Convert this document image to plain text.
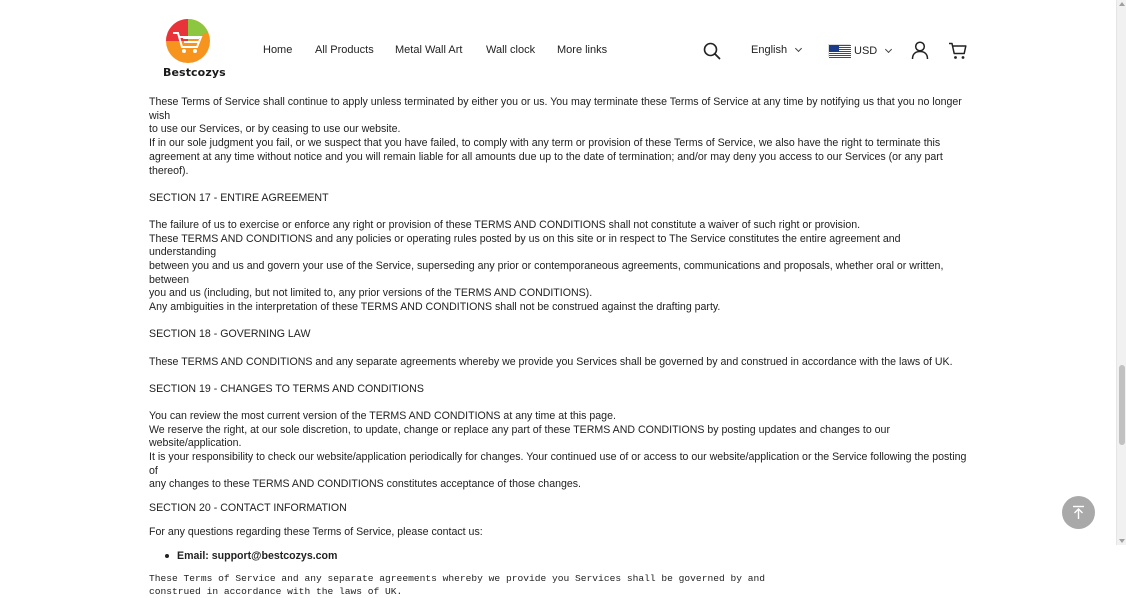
These Terms of Service shall continue to apply unless terminated by either you or us. You may terminate these Terms of Service at any time by notifying us that you no longer wish

to use our Services, or by ceasing to use our website.

If in our sole judgment you fail, or we suspect that you have failed, to comply with any term or provision of these Terms of Service, we also have the right to terminate this

agreement at any time without notice and you will remain liable for all amounts due up to the date of termination; and/or may deny you access to our Services (or any part thereof).

SECTION 17 - ENTIRE AGREEMENT

The failure of us to exercise or enforce any right or provision of these TERMS AND CONDITIONS shall not constitute a waiver of such right or provision.

These TERMS AND CONDITIONS and any policies or operating rules posted by us on this site or in respect to The Service constitutes the entire agreement and understanding

between you and us and govern your use of the Service, superseding any prior or contemporaneous agreements, communications and proposals, whether oral or written, between

you and us (including, but not limited to, any prior versions of the TERMS AND CONDITIONS).

Any ambiguities in the interpretation of these TERMS AND CONDITIONS shall not be construed against the drafting party.

SECTION 18 - GOVERNING LAW

These TERMS AND CONDITIONS and any separate agreements whereby we provide you Services shall be governed by and construed in accordance with the laws of UK.

SECTION 19 - CHANGES TO TERMS AND CONDITIONS

You can review the most current version of the TERMS AND CONDITIONS at any time at this page.

We reserve the right, at our sole discretion, to update, change or replace any part of these TERMS AND CONDITIONS by posting updates and changes to our website/application.

It is your responsibility to check our website/application periodically for changes. Your continued use of or access to our website/application or the Service following the posting of

any changes to these TERMS AND CONDITIONS constitutes acceptance of those changes.

SECTION 20 - CONTACT INFORMATION

For any questions regarding these Terms of Service, please contact us:

Email: support@bestcozys.com
These Terms of Service and any separate agreements whereby we provide you Services shall be governed by and
construed in accordance with the laws of UK.
Bestcozys
Home All Products Metal Wall Art Wall clock More links	English	USD
